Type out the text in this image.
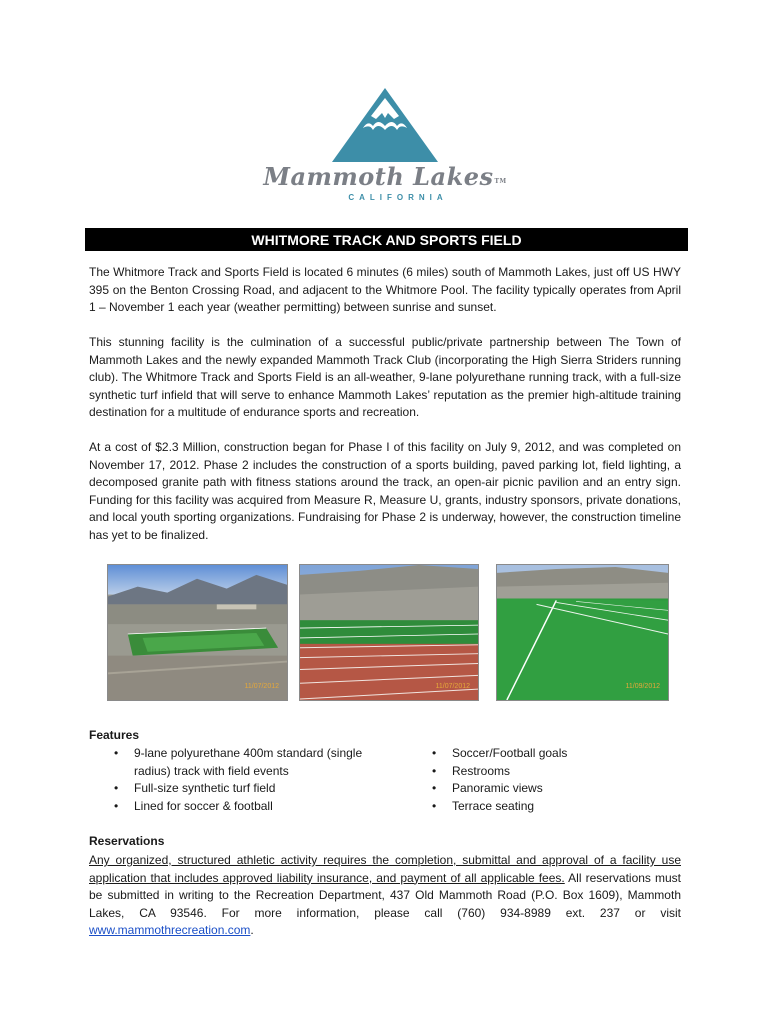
Mammoth Lakes TM
CALIFORNIA
WHITMORE TRACK AND SPORTS FIELD

The Whitmore Track and Sports Field is located 6 minutes (6 miles) south of Mammoth Lakes, just off US HWY 395 on the Benton Crossing Road, and adjacent to the Whitmore Pool. The facility typically operates from April 1 – November 1 each year (weather permitting) between sunrise and sunset.

This stunning facility is the culmination of a successful public/private partnership between The Town of Mammoth Lakes and the newly expanded Mammoth Track Club (incorporating the High Sierra Striders running club). The Whitmore Track and Sports Field is an all-weather, 9-lane polyurethane running track, with a full-size synthetic turf infield that will serve to enhance Mammoth Lakes’ reputation as the premier high-altitude training destination for a multitude of endurance sports and recreation.

At a cost of $2.3 Million, construction began for Phase I of this facility on July 9, 2012, and was completed on November 17, 2012. Phase 2 includes the construction of a sports building, paved parking lot, field lighting, a decomposed granite path with fitness stations around the track, an open-air picnic pavilion and an entry sign. Funding for this facility was acquired from Measure R, Measure U, grants, industry sponsors, private donations, and local youth sporting organizations. Fundraising for Phase 2 is underway, however, the construction timeline has yet to be finalized.

11/07/2012	11/07/2012	11/09/2012
Features
• 9-lane polyurethane 400m standard (single radius) track with field events
• Full-size synthetic turf field
• Lined for soccer & football
• Soccer/Football goals
• Restrooms
• Panoramic views
• Terrace seating
Reservations

Any organized, structured athletic activity requires the completion, submittal and approval of a facility use application that includes approved liability insurance, and payment of all applicable fees. All reservations must be submitted in writing to the Recreation Department, 437 Old Mammoth Road (P.O. Box 1609), Mammoth Lakes, CA 93546. For more information, please call (760) 934-8989 ext. 237 or visit www.mammothrecreation.com.
